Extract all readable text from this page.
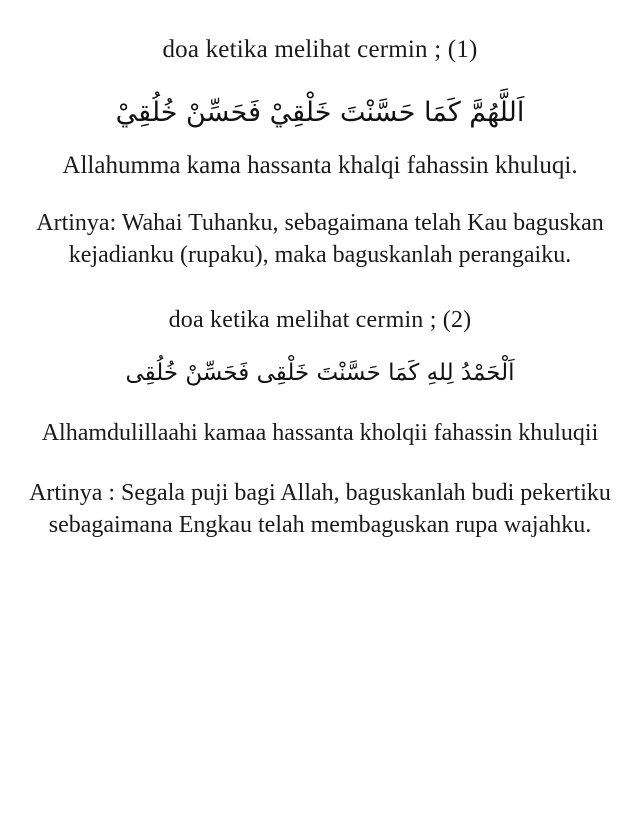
doa ketika melihat cermin ; (1)
اَللَّهُمَّ كَمَا حَسَّنْتَ خَلْقِيْ فَحَسِّنْ خُلُقِيْ
Allahumma kama hassanta khalqi fahassin khuluqi.
Artinya: Wahai Tuhanku, sebagaimana telah Kau baguskan kejadianku (rupaku), maka baguskanlah perangaiku.
doa ketika melihat cermin ; (2)
اَلْحَمْدُ لِلهِ كَمَا حَسَّنْتَ خَلْقِى فَحَسِّنْ خُلُقِى
Alhamdulillaahi kamaa hassanta kholqii fahassin khuluqii
Artinya : Segala puji bagi Allah, baguskanlah budi pekertiku sebagaimana Engkau telah membaguskan rupa wajahku.
